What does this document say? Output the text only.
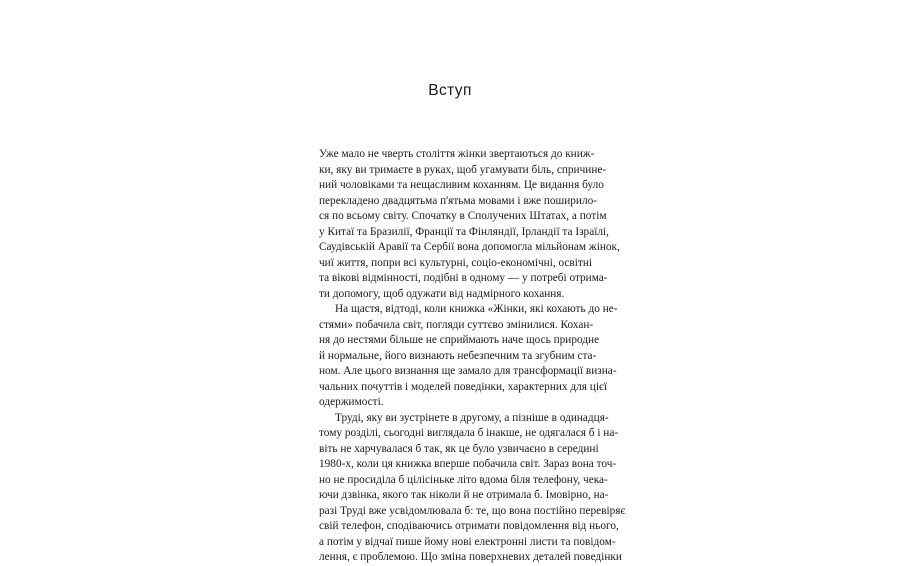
Вступ
Уже мало не чверть століття жінки звертаються до книж-
ки, яку ви тримаєте в руках, щоб угамувати біль, спричине-
ний чоловіками та нещасливим коханням. Це видання було
перекладено двадцятьма п'ятьма мовами і вже поширило-
ся по всьому світу. Спочатку в Сполучених Штатах, а потім
у Китаї та Бразилії, Франції та Фінляндії, Ірландії та Ізраїлі,
Саудівській Аравії та Сербії вона допомогла мільйонам жінок,
чиї життя, попри всі культурні, соціо-економічні, освітні
та вікові відмінності, подібні в одному — у потребі отрима-
ти допомогу, щоб одужати від надмірного кохання.
На щастя, відтоді, коли книжка «Жінки, які кохають до не-
стями» побачила світ, погляди суттєво змінилися. Кохан-
ня до нестями більше не сприймають наче щось природне
й нормальне, його визнають небезпечним та згубним ста-
ном. Але цього визнання ще замало для трансформації визна-
чальних почуттів і моделей поведінки, характерних для цієї
одержимості.
Труді, яку ви зустрінете в другому, а пізніше в одинадця-
тому розділі, сьогодні виглядала б інакше, не одягалася б і на-
віть не харчувалася б так, як це було узвичаєно в середині
1980-х, коли ця книжка вперше побачила світ. Зараз вона точ-
но не просиділа б цілісіньке літо вдома біля телефону, чека-
ючи дзвінка, якого так ніколи й не отримала б. Імовірно, на-
разі Труді вже усвідомлювала б: те, що вона постійно перевіряє
свій телефон, сподіваючись отримати повідомлення від нього,
а потім у відчаї пише йому нові електронні листи та повідом-
лення, є проблемою. Що зміна поверхневих деталей поведінки
